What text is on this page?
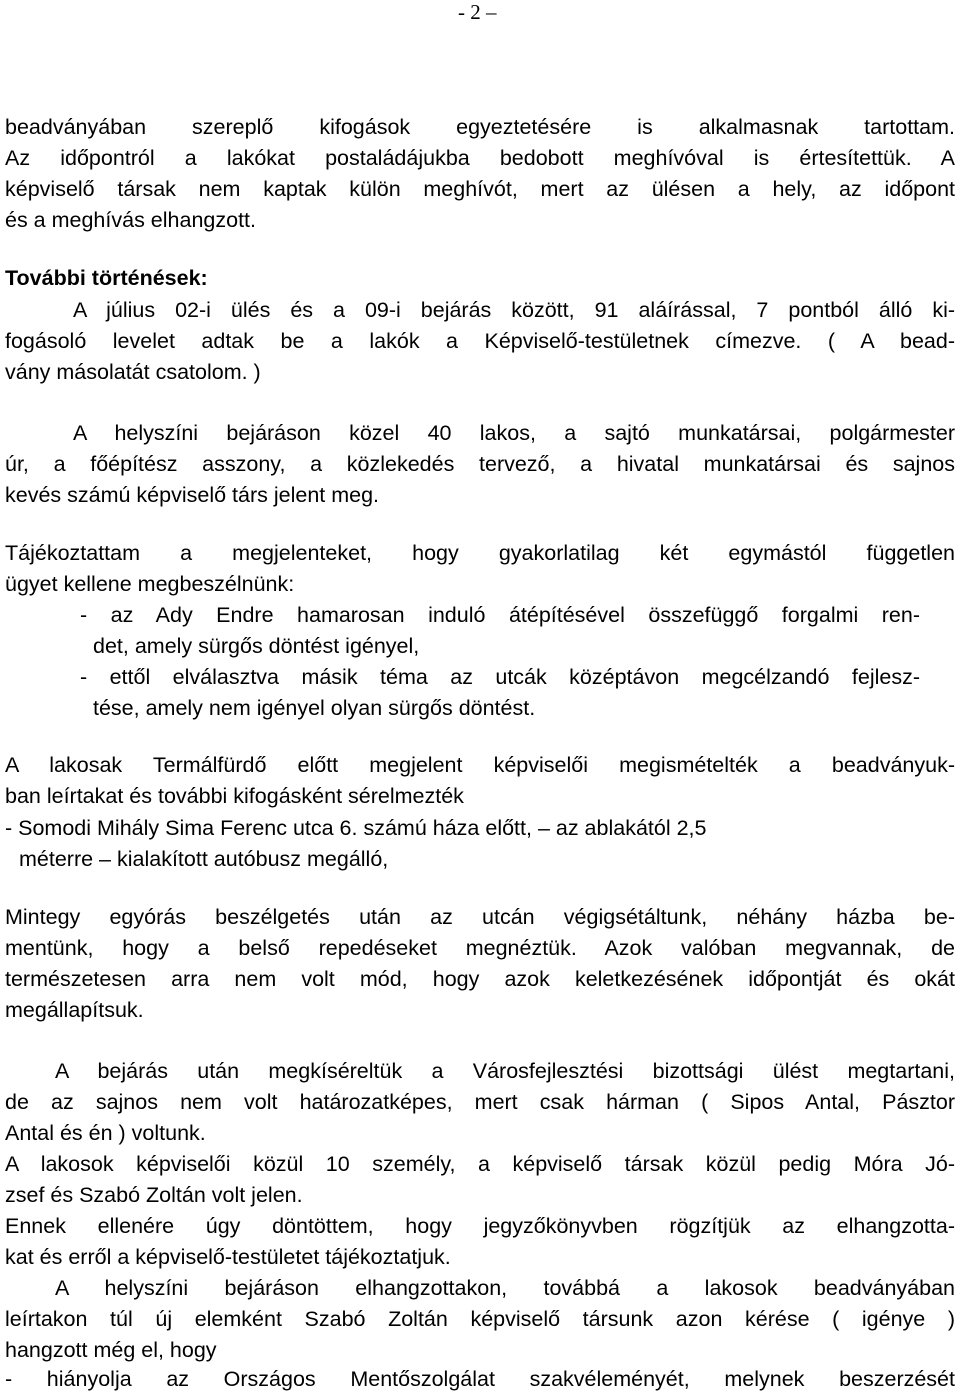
- 2 –
beadványában szereplő kifogások egyeztetésére is alkalmasnak tartottam.
Az időpontról a lakókat postaládájukba bedobott meghívóval is értesítettük. A
képviselő társak nem kaptak külön meghívót, mert az ülésen a hely, az időpont
és a meghívás elhangzott.
További történések:
A július 02-i ülés és a 09-i bejárás között, 91 aláírással, 7 pontból álló ki-
fogásoló levelet adtak be a lakók a Képviselő-testületnek címezve. ( A bead-
vány másolatát csatolom. )
A helyszíni bejáráson közel 40 lakos, a sajtó munkatársai, polgármester
úr, a főépítész asszony, a közlekedés tervező, a hivatal munkatársai és sajnos
kevés számú képviselő társ jelent meg.
Tájékoztattam a megjelenteket, hogy gyakorlatilag két egymástól független
ügyet kellene megbeszélnünk:
- az Ady Endre hamarosan induló átépítésével összefüggő forgalmi ren-
det, amely sürgős döntést igényel,
- ettől elválasztva másik téma az utcák középtávon megcélzandó fejlesz-
tése, amely nem igényel olyan sürgős döntést.
A lakosak Termálfürdő előtt megjelent képviselői megismételték a beadványuk-
ban leírtakat és további kifogásként sérelmezték
- Somodi Mihály Sima Ferenc utca 6. számú háza előtt, – az ablakától 2,5
méterre – kialakított autóbusz megálló,
Mintegy egyórás beszélgetés után az utcán végigsétáltunk, néhány házba be-
mentünk, hogy a belső repedéseket megnéztük. Azok valóban megvannak, de
természetesen arra nem volt mód, hogy azok keletkezésének időpontját és okát
megállapítsuk.
A bejárás után megkíséreltük a Városfejlesztési bizottsági ülést megtartani,
de az sajnos nem volt határozatképes, mert csak hárman ( Sipos Antal, Pásztor
Antal és én ) voltunk.
A lakosok képviselői közül 10 személy, a képviselő társak közül pedig Móra Jó-
zsef és Szabó Zoltán volt jelen.
Ennek ellenére úgy döntöttem, hogy jegyzőkönyvben rögzítjük az elhangzotta-
kat és erről a képviselő-testületet tájékoztatjuk.
A helyszíni bejáráson elhangzottakon, továbbá a lakosok beadványában
leírtakon túl új elemként Szabó Zoltán képviselő társunk azon kérése ( igénye )
hangzott még el, hogy
- hiányolja az Országos Mentőszolgálat szakvéleményét, melynek beszerzését
